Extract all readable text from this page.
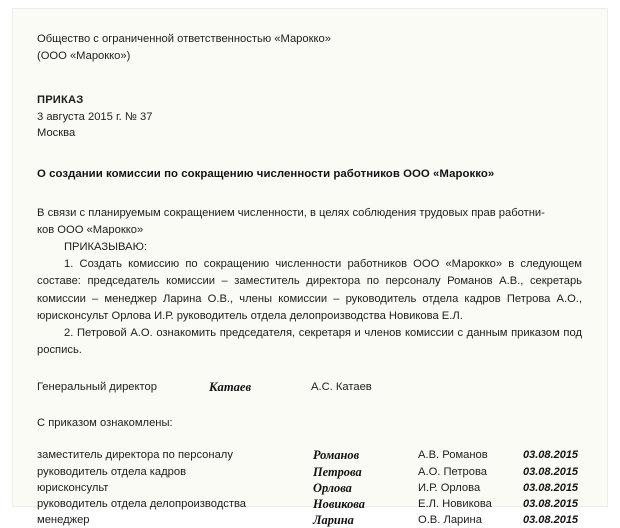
Общество с ограниченной ответственностью «Марокко»
(ООО «Марокко»)
ПРИКАЗ
3 августа 2015 г. № 37
Москва
О создании комиссии по сокращению численности работников ООО «Марокко»
В связи с планируемым сокращением численности, в целях соблюдения трудовых прав работни-
ков ООО «Марокко»
ПРИКАЗЫВАЮ:
1. Создать комиссию по сокращению численности работников ООО «Марокко» в следующем составе: председатель комиссии – заместитель директора по персоналу Романов А.В., секретарь комиссии – менеджер Ларина О.В., члены комиссии – руководитель отдела кадров Петрова А.О., юрисконсульт Орлова И.Р. руководитель отдела делопроизводства Новикова Е.Л.
2. Петровой А.О. ознакомить председателя, секретаря и членов комиссии с данным приказом под роспись.
Генеральный директор	Катаев	А.С. Катаев
С приказом ознакомлены:
заместитель директора по персоналу	Романов	А.В. Романов	03.08.2015
руководитель отдела кадров	Петрова	А.О. Петрова	03.08.2015
юрисконсульт	Орлова	И.Р. Орлова	03.08.2015
руководитель отдела делопроизводства	Новикова	Е.Л. Новикова	03.08.2015
менеджер	Ларина	О.В. Ларина	03.08.2015
